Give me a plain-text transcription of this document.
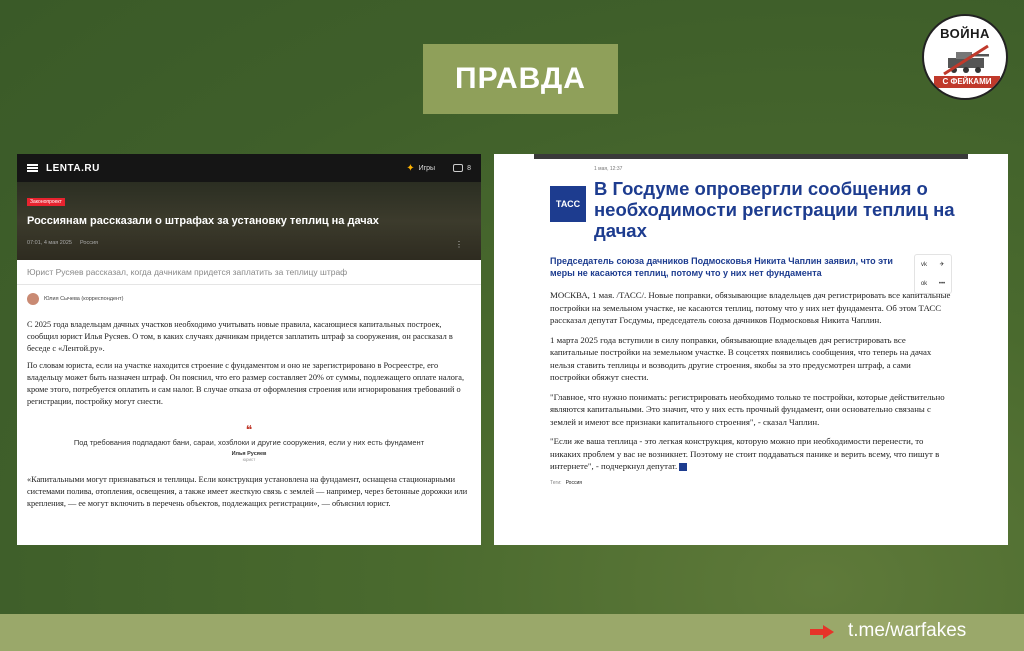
ПРАВДА
ВОЙНА
С ФЕЙКАМИ
LENTA.RU	✦ Игры	8
Законопроект
Россиянам рассказали о штрафах за установку теплиц на дачах
07:01, 4 мая 2025 Россия	⋮
Юрист Русяев рассказал, когда дачникам придется заплатить за теплицу штраф
Юлия Сычева (корреспондент)

С 2025 года владельцам дачных участков необходимо учитывать новые правила, касающиеся капитальных построек, сообщил юрист Илья Русяев. О том, в каких случаях дачникам придется заплатить штраф за сооружения, он рассказал в беседе с «Лентой.ру».

По словам юриста, если на участке находится строение с фундаментом и оно не зарегистрировано в Росреестре, его владельцу может быть назначен штраф. Он пояснил, что его размер составляет 20% от суммы, подлежащего оплате налога, кроме этого, потребуется оплатить и сам налог. В случае отказа от оформления строения или игнорирования требований о регистрации, постройку могут снести.

❝
Под требования подпадают бани, сараи, хозблоки и другие сооружения, если у них есть фундамент
Илья Русяев
юрист

«Капитальными могут признаваться и теплицы. Если конструкция установлена на фундамент, оснащена стационарными системами полива, отопления, освещения, а также имеет жесткую связь с землей — например, через бетонные дорожки или крепления, — ее могут включить в перечень объектов, подлежащих регистрации», — объяснил юрист.

1 мая, 12:37
ТАСС
В Госдуме опровергли сообщения о необходимости регистрации теплиц на дачах
Председатель союза дачников Подмосковья Никита Чаплин заявил, что эти меры не касаются теплиц, потому что у них нет фундамента
vk	✈
ok	•••

МОСКВА, 1 мая. /ТАСС/. Новые поправки, обязывающие владельцев дач регистрировать все капитальные постройки на земельном участке, не касаются теплиц, потому что у них нет фундамента. Об этом ТАСС рассказал депутат Госдумы, председатель союза дачников Подмосковья Никита Чаплин.

1 марта 2025 года вступили в силу поправки, обязывающие владельцев дач регистрировать все капитальные постройки на земельном участке. В соцсетях появились сообщения, что теперь на дачах нельзя ставить теплицы и возводить другие строения, якобы за это предусмотрен штраф, а сами постройки обяжут снести.

"Главное, что нужно понимать: регистрировать необходимо только те постройки, которые действительно являются капитальными. Это значит, что у них есть прочный фундамент, они основательно связаны с землей и имеют все признаки капитального строения", - сказал Чаплин.

"Если же ваша теплица - это легкая конструкция, которую можно при необходимости перенести, то никаких проблем у вас не возникнет. Поэтому не стоит поддаваться панике и верить всему, что пишут в интернете", - подчеркнул депутат.

Теги: Россия
t.me/warfakes
